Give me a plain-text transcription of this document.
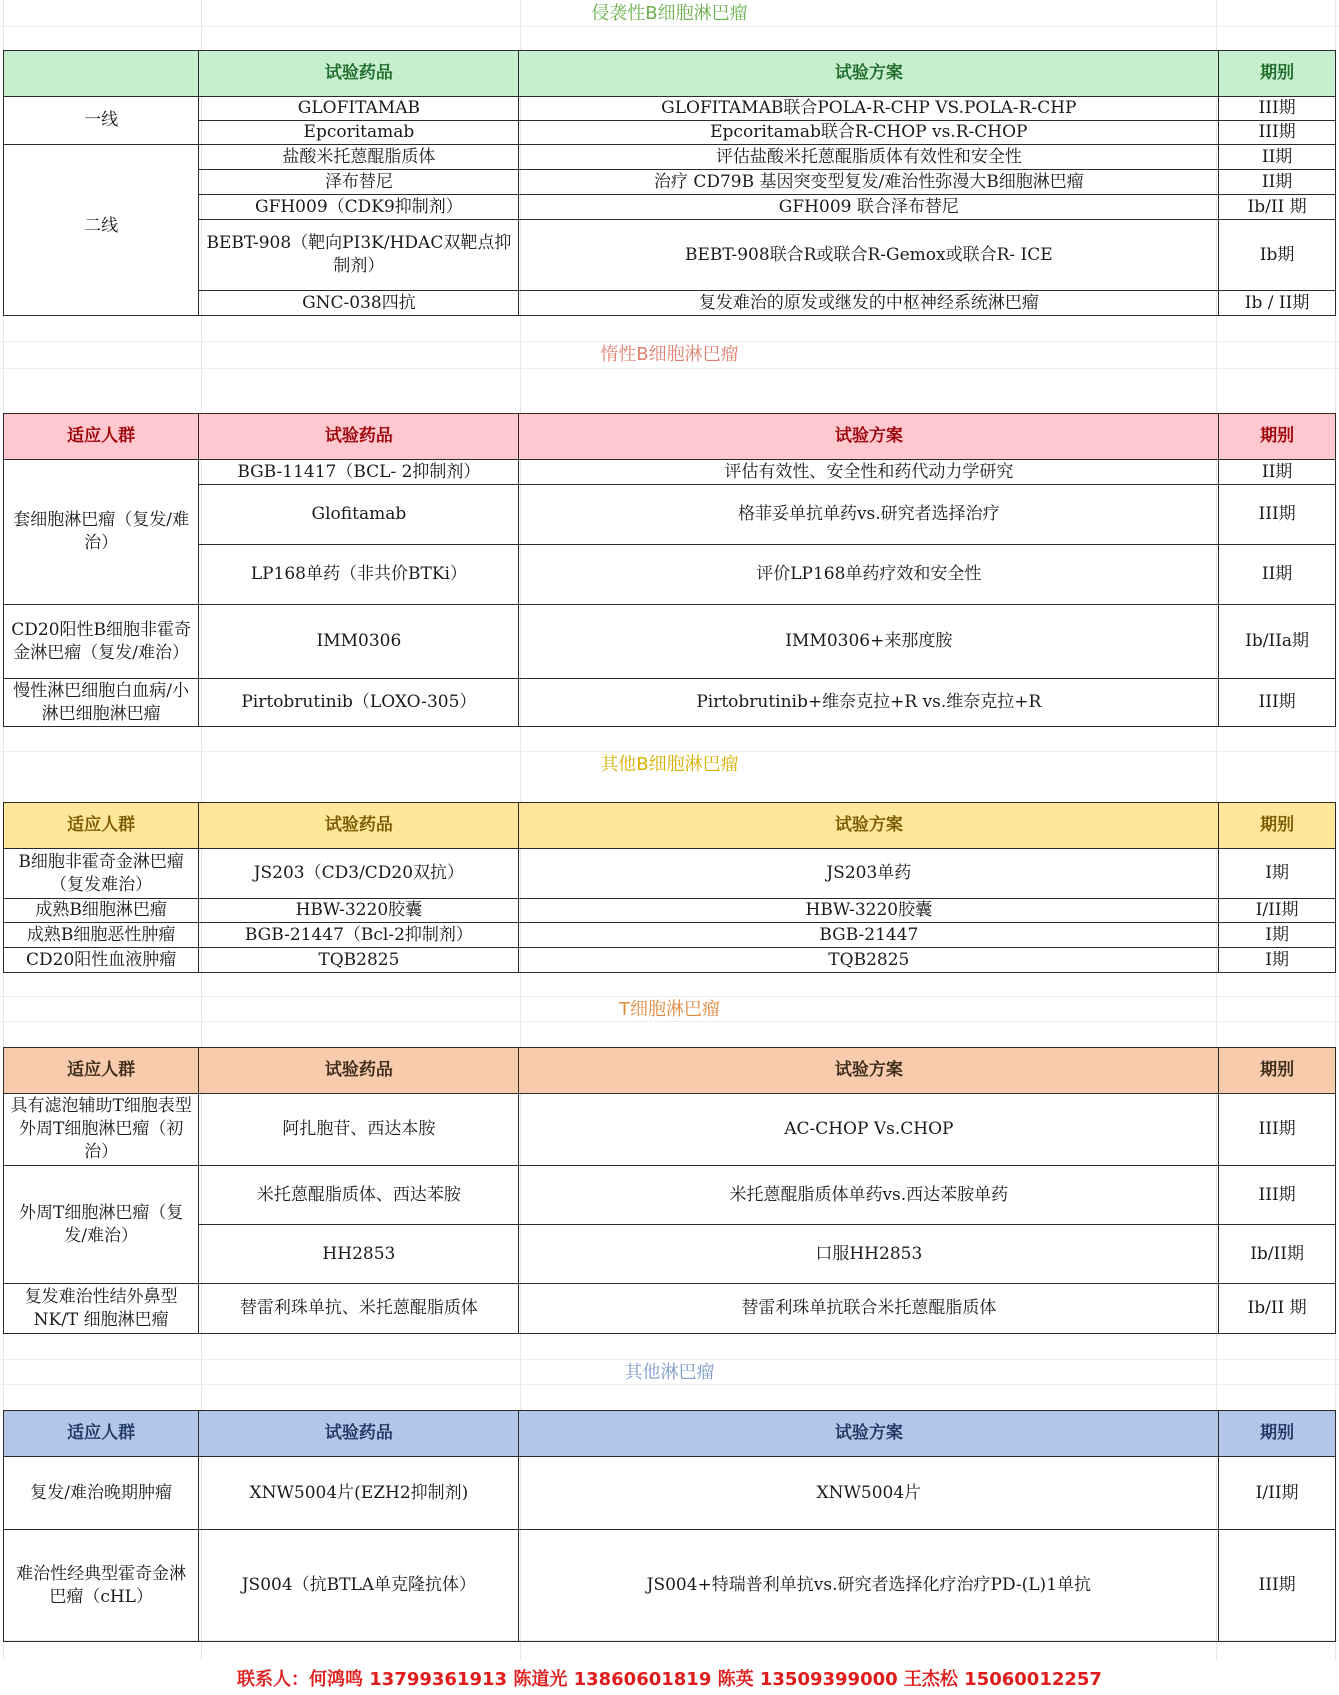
侵袭性B细胞淋巴瘤
	试验药品	试验方案	期别
一线	GLOFITAMAB	GLOFITAMAB联合POLA-R-CHP VS.POLA-R-CHP	III期
	Epcoritamab	Epcoritamab联合R-CHOP vs.R-CHOP	III期
二线	盐酸米托蒽醌脂质体	评估盐酸米托蒽醌脂质体有效性和安全性	II期
	泽布替尼	治疗 CD79B 基因突变型复发/难治性弥漫大B细胞淋巴瘤	II期
	GFH009（CDK9抑制剂）	GFH009 联合泽布替尼	Ib/II 期
	BEBT-908（靶向PI3K/HDAC双靶点抑制剂）	BEBT-908联合R或联合R-Gemox或联合R- ICE	Ib期
	GNC-038四抗	复发难治的原发或继发的中枢神经系统淋巴瘤	Ib / II期
惰性B细胞淋巴瘤
适应人群	试验药品	试验方案	期别
套细胞淋巴瘤（复发/难治）	BGB-11417（BCL- 2抑制剂）	评估有效性、安全性和药代动力学研究	II期
	Glofitamab	格菲妥单抗单药vs.研究者选择治疗	III期
	LP168单药（非共价BTKi）	评价LP168单药疗效和安全性	II期
CD20阳性B细胞非霍奇金淋巴瘤（复发/难治）	IMM0306	IMM0306+来那度胺	Ib/IIa期
慢性淋巴细胞白血病/小淋巴细胞淋巴瘤	Pirtobrutinib（LOXO-305）	Pirtobrutinib+维奈克拉+R vs.维奈克拉+R	III期
其他B细胞淋巴瘤
适应人群	试验药品	试验方案	期别
B细胞非霍奇金淋巴瘤（复发难治）	JS203（CD3/CD20双抗）	JS203单药	I期
成熟B细胞淋巴瘤	HBW-3220胶囊	HBW-3220胶囊	I/II期
成熟B细胞恶性肿瘤	BGB-21447（Bcl-2抑制剂）	BGB-21447	I期
CD20阳性血液肿瘤	TQB2825	TQB2825	I期
T细胞淋巴瘤
适应人群	试验药品	试验方案	期别
具有滤泡辅助T细胞表型外周T细胞淋巴瘤（初治）	阿扎胞苷、西达本胺	AC-CHOP Vs.CHOP	III期
外周T细胞淋巴瘤（复发/难治）	米托蒽醌脂质体、西达苯胺	米托蒽醌脂质体单药vs.西达苯胺单药	III期
	HH2853	口服HH2853	Ib/II期
复发难治性结外鼻型NK/T 细胞淋巴瘤	替雷利珠单抗、米托蒽醌脂质体	替雷利珠单抗联合米托蒽醌脂质体	Ib/II 期
其他淋巴瘤
适应人群	试验药品	试验方案	期别
复发/难治晚期肿瘤	XNW5004片(EZH2抑制剂)	XNW5004片	I/II期
难治性经典型霍奇金淋巴瘤（cHL）	JS004（抗BTLA单克隆抗体）	JS004+特瑞普利单抗vs.研究者选择化疗治疗PD-(L)1单抗	III期
联系人：何鸿鸣 13799361913 陈道光 13860601819 陈英 13509399000 王杰松 15060012257
